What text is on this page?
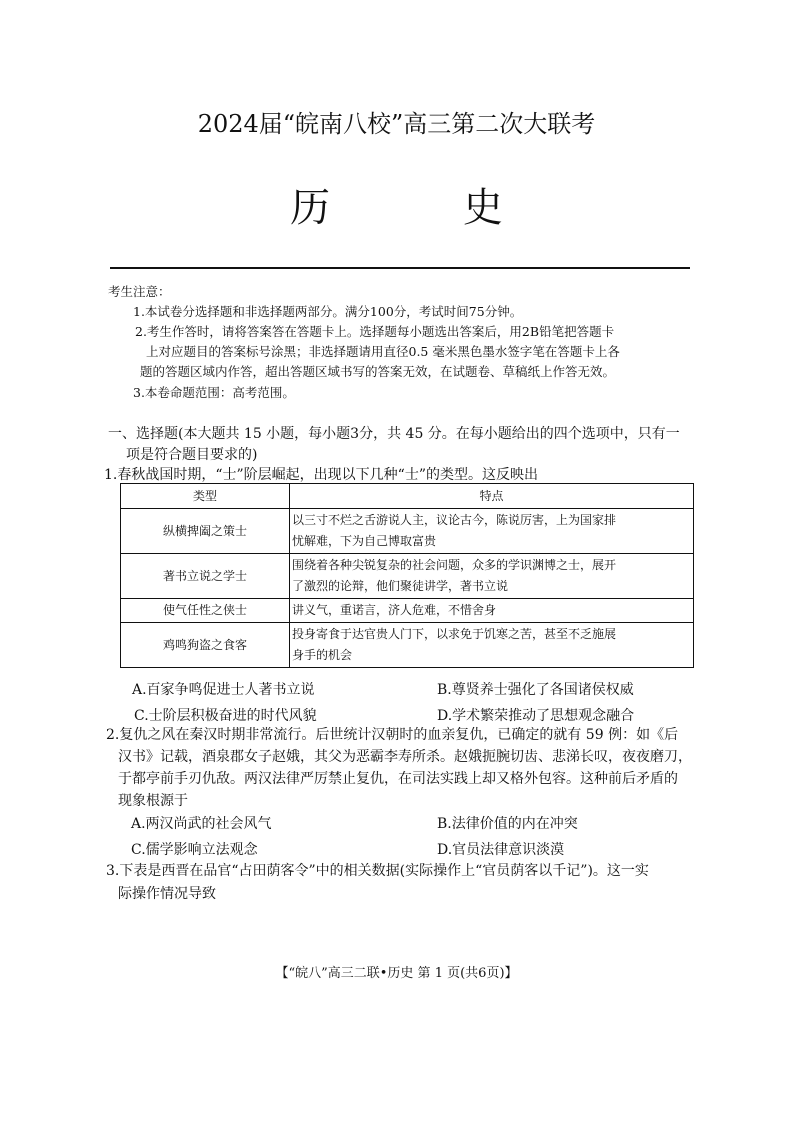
2024届“皖南八校”高三第二次大联考
历 史
考生注意：
1.本试卷分选择题和非选择题两部分。满分100分，考试时间75分钟。
2.考生作答时，请将答案答在答题卡上。选择题每小题选出答案后，用2B铅笔把答题卡
上对应题目的答案标号涂黑；非选择题请用直径0.5 毫米黑色墨水签字笔在答题卡上各
题的答题区域内作答，超出答题区域书写的答案无效，在试题卷、草稿纸上作答无效。
3.本卷命题范围：高考范围。
一、选择题(本大题共 15 小题，每小题3分，共 45 分。在每小题给出的四个选项中，只有一
项是符合题目要求的)
1.春秋战国时期，“士”阶层崛起，出现以下几种“士”的类型。这反映出
类型	特点
纵横捭阖之策士	以三寸不烂之舌游说人主，议论古今，陈说厉害，上为国家排
忧解难，下为自己博取富贵

著书立说之学士	围绕着各种尖锐复杂的社会问题，众多的学识渊博之士，展开
了激烈的论辩，他们聚徒讲学，著书立说

使气任性之侠士	讲义气，重诺言，济人危难，不惜舍身
鸡鸣狗盗之食客	投身寄食于达官贵人门下，以求免于饥寒之苦，甚至不乏施展
身手的机会
A.百家争鸣促进士人著书立说	B.尊贤养士强化了各国诸侯权威
C.士阶层积极奋进的时代风貌	D.学术繁荣推动了思想观念融合
2.复仇之风在秦汉时期非常流行。后世统计汉朝时的血亲复仇，已确定的就有 59 例：如《后
汉书》记载，酒泉郡女子赵娥，其父为恶霸李寿所杀。赵娥扼腕切齿、悲涕长叹，夜夜磨刀，
于都亭前手刃仇敌。两汉法律严厉禁止复仇，在司法实践上却又格外包容。这种前后矛盾的
现象根源于
A.两汉尚武的社会风气	B.法律价值的内在冲突
C.儒学影响立法观念	D.官员法律意识淡漠
3.下表是西晋在品官“占田荫客令”中的相关数据(实际操作上“官员荫客以千记”)。这一实
际操作情况导致
【“皖八”高三二联•历史 第 1 页(共6页)】
